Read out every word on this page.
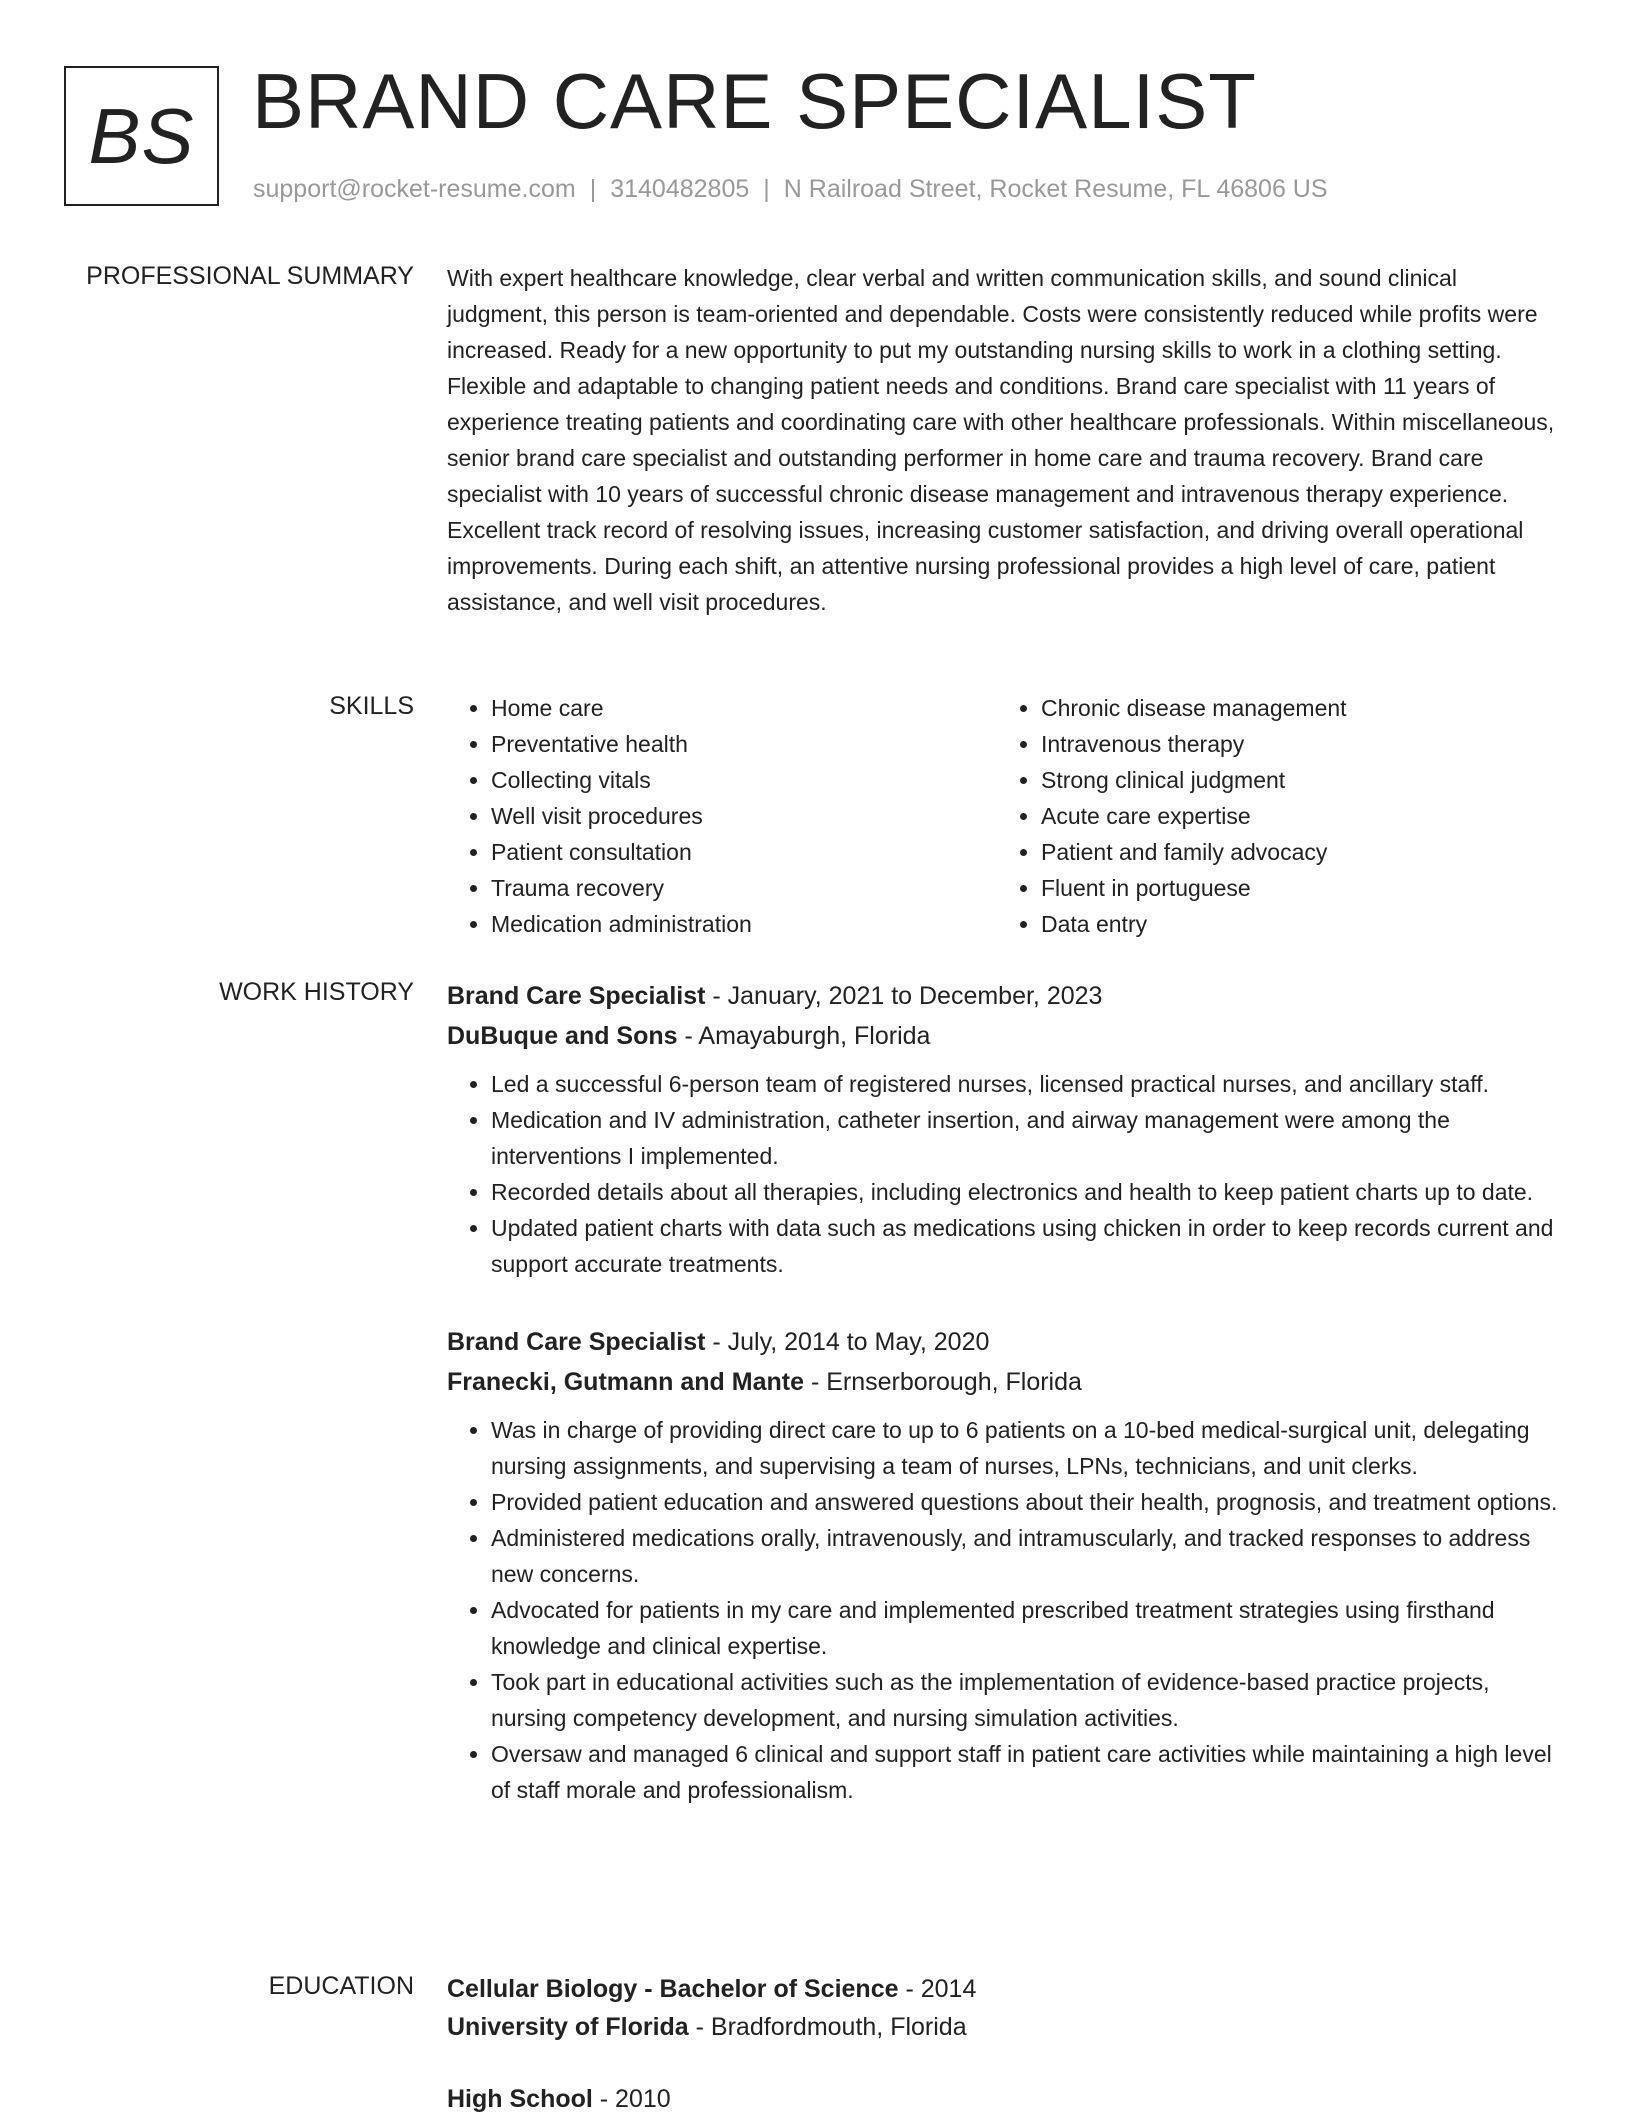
BS BRAND CARE SPECIALIST
support@rocket-resume.com | 3140482805 | N Railroad Street, Rocket Resume, FL 46806 US
PROFESSIONAL SUMMARY With expert healthcare knowledge, clear verbal and written communication skills, and sound clinical judgment, this person is team-oriented and dependable. Costs were consistently reduced while profits were increased. Ready for a new opportunity to put my outstanding nursing skills to work in a clothing setting. Flexible and adaptable to changing patient needs and conditions. Brand care specialist with 11 years of experience treating patients and coordinating care with other healthcare professionals. Within miscellaneous, senior brand care specialist and outstanding performer in home care and trauma recovery. Brand care specialist with 10 years of successful chronic disease management and intravenous therapy experience. Excellent track record of resolving issues, increasing customer satisfaction, and driving overall operational improvements. During each shift, an attentive nursing professional provides a high level of care, patient assistance, and well visit procedures.

SKILLS
•	Home care
• Preventative health
• Collecting vitals
• Well visit procedures
• Patient consultation
• Trauma recovery
• Medication administration
• Chronic disease management
• Intravenous therapy
• Strong clinical judgment
• Acute care expertise
• Patient and family advocacy
• Fluent in portuguese
• Data entry
WORK HISTORY Brand Care Specialist - January, 2021 to December, 2023
DuBuque and Sons - Amayaburgh, Florida
• Led a successful 6-person team of registered nurses, licensed practical nurses, and ancillary staff.
• Medication and IV administration, catheter insertion, and airway management were among the interventions I implemented.
• Recorded details about all therapies, including electronics and health to keep patient charts up to date.
• Updated patient charts with data such as medications using chicken in order to keep records current and support accurate treatments.
Brand Care Specialist - July, 2014 to May, 2020
Franecki, Gutmann and Mante - Ernserborough, Florida
• Was in charge of providing direct care to up to 6 patients on a 10-bed medical-surgical unit, delegating nursing assignments, and supervising a team of nurses, LPNs, technicians, and unit clerks.
• Provided patient education and answered questions about their health, prognosis, and treatment options.
• Administered medications orally, intravenously, and intramuscularly, and tracked responses to address new concerns.
• Advocated for patients in my care and implemented prescribed treatment strategies using firsthand knowledge and clinical expertise.
• Took part in educational activities such as the implementation of evidence-based practice projects, nursing competency development, and nursing simulation activities.
• Oversaw and managed 6 clinical and support staff in patient care activities while maintaining a high level of staff morale and professionalism.
EDUCATION Cellular Biology - Bachelor of Science - 2014
University of Florida - Bradfordmouth, Florida
High School - 2010
